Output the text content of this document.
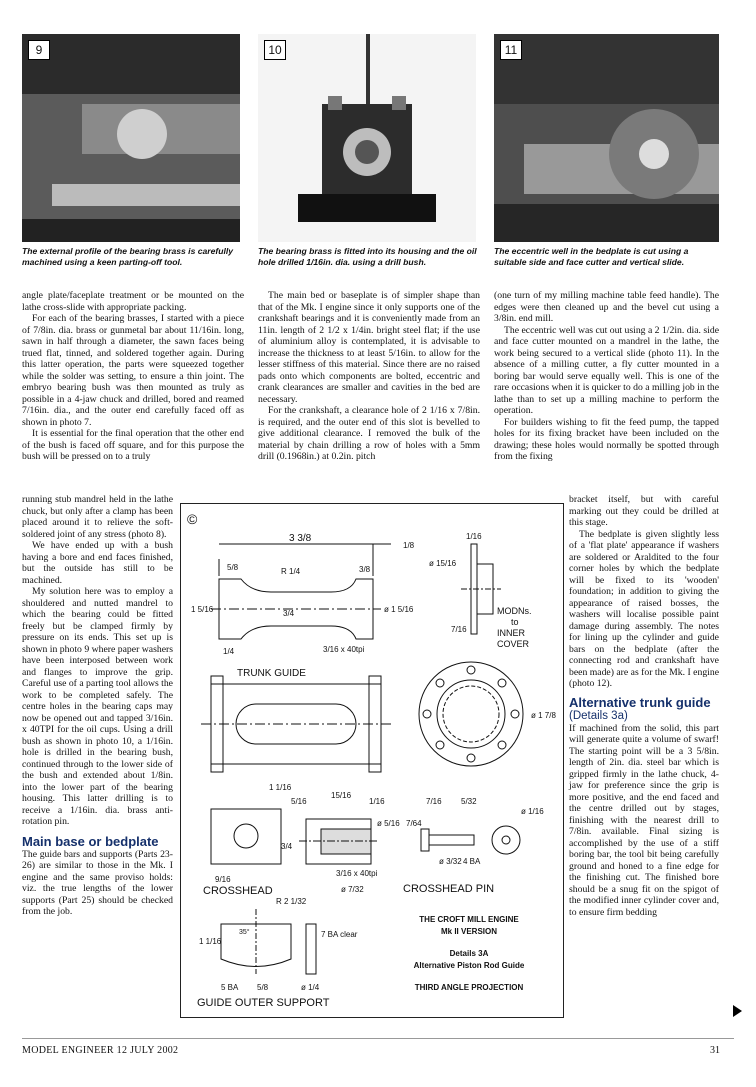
9	10	11
The external profile of the bearing brass is carefully machined using a keen parting-off tool.
The bearing brass is fitted into its housing and the oil hole drilled 1/16in. dia. using a drill bush.
The eccentric well in the bedplate is cut using a suitable side and face cutter and vertical slide.

angle plate/faceplate treatment or be mounted on the lathe cross-slide with appropriate packing.

For each of the bearing brasses, I started with a piece of 7/8in. dia. brass or gunmetal bar about 11/16in. long, sawn in half through a diameter, the sawn faces being trued flat, tinned, and soldered together again. During this latter operation, the parts were squeezed together while the solder was setting, to ensure a thin joint. The embryo bearing bush was then mounted as truly as possible in a 4-jaw chuck and drilled, bored and reamed 7/16in. dia., and the outer end carefully faced off as shown in photo 7.

It is essential for the final operation that the other end of the bush is faced off square, and for this purpose the bush will be pressed on to a truly

running stub mandrel held in the lathe chuck, but only after a clamp has been placed around it to relieve the soft-soldered joint of any stress (photo 8).

We have ended up with a bush having a bore and end faces finished, but the outside has still to be machined.

My solution here was to employ a shouldered and nutted mandrel to which the bearing could be fitted freely but be clamped firmly by pressure on its ends. This set up is shown in photo 9 where paper washers have been interposed between work and flanges to improve the grip. Careful use of a parting tool allows the work to be completed safely. The centre holes in the bearing caps may now be opened out and tapped 3/16in. x 40TPI for the oil cups. Using a drill bush as shown in photo 10, a 1/16in. hole is drilled in the bearing bush, continued through to the lower side of the bush and extended about 1/8in. into the lower part of the bearing housing. This latter drilling is to receive a 1/16in. dia. brass anti-rotation pin.

Main base or bedplate

The guide bars and supports (Parts 23-26) are similar to those in the Mk. I engine and the same proviso holds: viz. the true lengths of the lower supports (Part 25) should be checked from the job.

The main bed or baseplate is of simpler shape than that of the Mk. I engine since it only supports one of the crankshaft bearings and it is conveniently made from an 11in. length of 2 1/2 x 1/4in. bright steel flat; if the use of aluminium alloy is contemplated, it is advisable to increase the thickness to at least 5/16in. to allow for the lesser stiffness of this material. Since there are no raised pads onto which components are bolted, eccentric and crank clearances are smaller and cavities in the bed are necessary.

For the crankshaft, a clearance hole of 2 1/16 x 7/8in. is required, and the outer end of this slot is bevelled to give additional clearance. I removed the bulk of the material by chain drilling a row of holes with a 5mm drill (0.1968in.) at 0.2in. pitch

(one turn of my milling machine table feed handle). The edges were then cleaned up and the bevel cut using a 3/8in. end mill.

The eccentric well was cut out using a 2 1/2in. dia. side and face cutter mounted on a mandrel in the lathe, the work being secured to a vertical slide (photo 11). In the absence of a milling cutter, a fly cutter mounted in a boring bar would serve equally well. This is one of the rare occasions when it is quicker to do a milling job in the lathe than to set up a milling machine to perform the operation.

For builders wishing to fit the feed pump, the tapped holes for its fixing bracket have been included on the drawing; these holes would normally be spotted through from the fixing

bracket itself, but with careful marking out they could be drilled at this stage.

The bedplate is given slightly less of a 'flat plate' appearance if washers are soldered or Araldited to the four corner holes by which the bedplate will be fixed to its 'wooden' foundation; in addition to giving the appearance of raised bosses, the washers will localise possible paint damage during assembly. The notes for lining up the cylinder and guide bars on the bedplate (after the connecting rod and crankshaft have been made) are as for the Mk. I engine (photo 12).

Alternative trunk guide
(Details 3a)

If machined from the solid, this part will generate quite a volume of swarf! The starting point will be a 3 5/8in. length of 2in. dia. steel bar which is gripped firmly in the lathe chuck, 4-jaw for preference since the grip is more positive, and the end faced and the centre drilled out by stages, finishing with the nearest drill to 7/8in. available. Final sizing is accomplished by the use of a stiff boring bar, the tool bit being carefully ground and honed to a fine edge for the finishing cut. The finished bore should be a snug fit on the spigot of the modified inner cylinder cover and, to ensure firm bedding

©
3 3/8
5/8	R 1/4	3/8
1/8
1 5/16	3/4	ø 1 5/16
1/4	3/16 x 40tpi
TRUNK GUIDE
1/16
ø 15/16
7/16
MODNs.
to
INNER
COVER
ø 1 7/8
1 1/16
5/16
15/16
1/16
ø 5/16
9/16
3/4
3/16 x 40tpi
ø 7/32
CROSSHEAD
7/16 5/32
7/64
ø 1/16
ø 3/32 4 BA
CROSSHEAD PIN
R 2 1/32
35°
1 1/16
5 BA 5/8	ø 1/4
7 BA clear
GUIDE OUTER SUPPORT
THE CROFT MILL ENGINE
Mk II VERSION
Details 3A
Alternative Piston Rod Guide
THIRD ANGLE PROJECTION
MODEL ENGINEER 12 JULY 2002	31
